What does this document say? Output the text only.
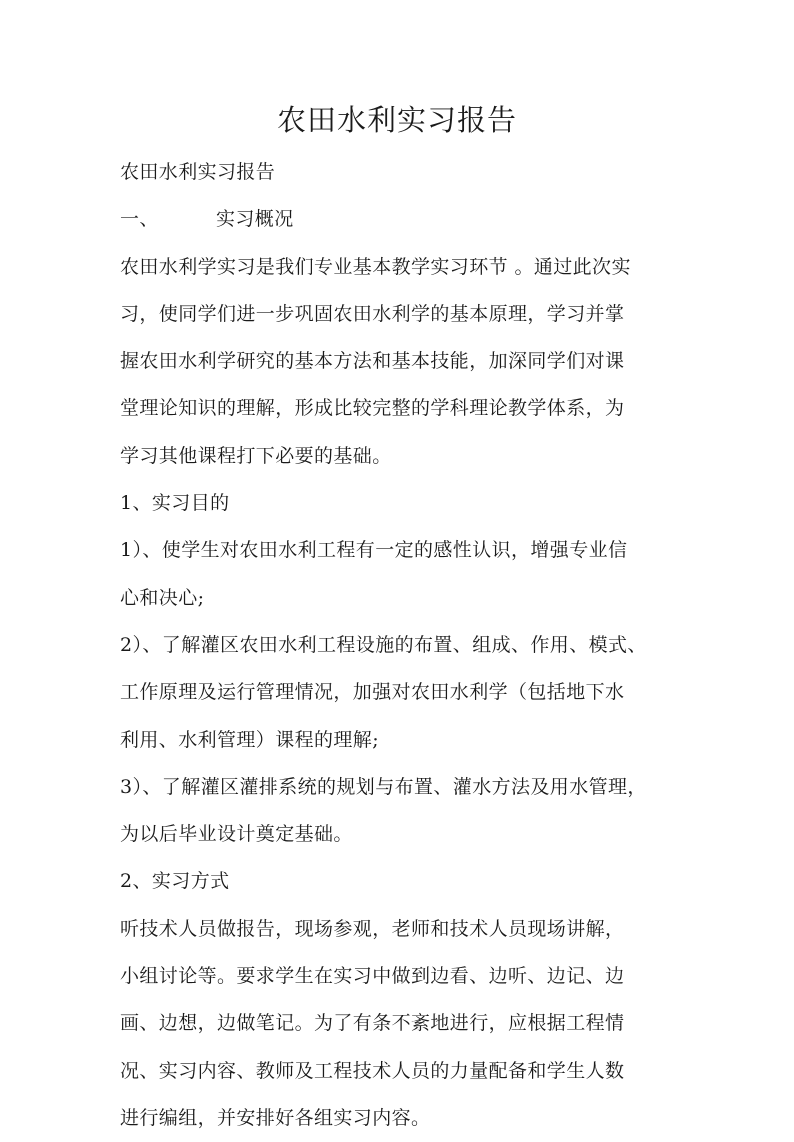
农田水利实习报告
农田水利实习报告
一、	实习概况
农田水利学实习是我们专业基本教学实习环节 。通过此次实
习，使同学们进一步巩固农田水利学的基本原理，学习并掌
握农田水利学研究的基本方法和基本技能，加深同学们对课
堂理论知识的理解，形成比较完整的学科理论教学体系，为
学习其他课程打下必要的基础。
1、实习目的
1）、使学生对农田水利工程有一定的感性认识，增强专业信
心和决心;
2）、了解灌区农田水利工程设施的布置、组成、作用、模式、
工作原理及运行管理情况，加强对农田水利学（包括地下水
利用、水利管理）课程的理解;
3）、了解灌区灌排系统的规划与布置、灌水方法及用水管理，
为以后毕业设计奠定基础。
2、实习方式
听技术人员做报告，现场参观，老师和技术人员现场讲解，
小组讨论等。要求学生在实习中做到边看、边听、边记、边
画、边想，边做笔记。为了有条不紊地进行，应根据工程情
况、实习内容、教师及工程技术人员的力量配备和学生人数
进行编组，并安排好各组实习内容。
